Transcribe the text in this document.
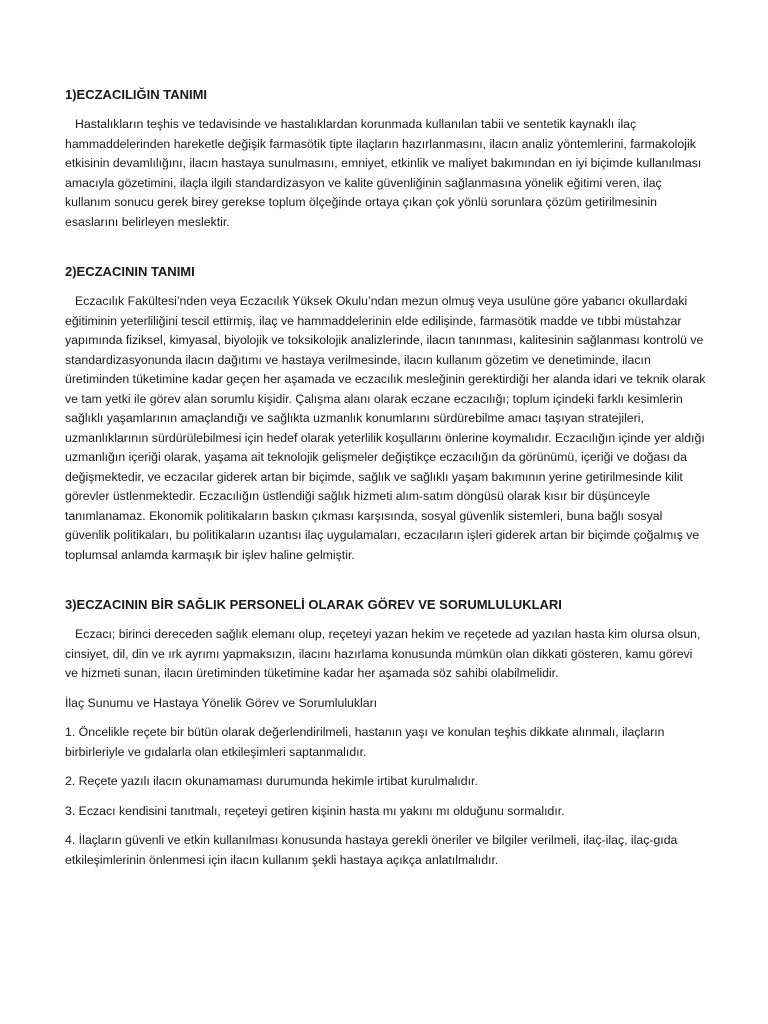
1)ECZACILIĞIN TANIMI

Hastalıkların teşhis ve tedavisinde ve hastalıklardan korunmada kullanılan tabii ve sentetik kaynaklı ilaç hammaddelerinden hareketle değişik farmasötik tipte ilaçların hazırlanmasını, ilacın analiz yöntemlerini, farmakolojik etkisinin devamlılığını, ilacın hastaya sunulmasını, emniyet, etkinlik ve maliyet bakımından en iyi biçimde kullanılması amacıyla gözetimini, ilaçla ilgili standardizasyon ve kalite güvenliğinin sağlanmasına yönelik eğitimi veren, ilaç kullanım sonucu gerek birey gerekse toplum ölçeğinde ortaya çıkan çok yönlü sorunlara çözüm getirilmesinin esaslarını belirleyen meslektir.

2)ECZACININ TANIMI

Eczacılık Fakültesi’nden veya Eczacılık Yüksek Okulu’ndan mezun olmuş veya usulüne göre yabancı okullardaki eğitiminin yeterliliğini tescil ettirmiş, ilaç ve hammaddelerinin elde edilişinde, farmasötik madde ve tıbbi müstahzar yapımında fiziksel, kimyasal, biyolojik ve toksikolojik analizlerinde, ilacın tanınması, kalitesinin sağlanması kontrolü ve standardizasyonunda ilacın dağıtımı ve hastaya verilmesinde, ilacın kullanım gözetim ve denetiminde, ilacın üretiminden tüketimine kadar geçen her aşamada ve eczacılık mesleğinin gerektirdiği her alanda idari ve teknik olarak ve tam yetki ile görev alan sorumlu kişidir. Çalışma alanı olarak eczane eczacılığı; toplum içindeki farklı kesimlerin sağlıklı yaşamlarının amaçlandığı ve sağlıkta uzmanlık konumlarını sürdürebilme amacı taşıyan stratejileri, uzmanlıklarının sürdürülebilmesi için hedef olarak yeterlilik koşullarını önlerine koymalıdır. Eczacılığın içinde yer aldığı uzmanlığın içeriği olarak, yaşama ait teknolojik gelişmeler değiştikçe eczacılığın da görünümü, içeriği ve doğası da değişmektedir, ve eczacılar giderek artan bir biçimde, sağlık ve sağlıklı yaşam bakımının yerine getirilmesinde kilit görevler üstlenmektedir. Eczacılığın üstlendiği sağlık hizmeti alım-satım döngüsü olarak kısır bir düşünceyle tanımlanamaz. Ekonomik politikaların baskın çıkması karşısında, sosyal güvenlik sistemleri, buna bağlı sosyal güvenlik politikaları, bu politikaların uzantısı ilaç uygulamaları, eczacıların işleri giderek artan bir biçimde çoğalmış ve toplumsal anlamda karmaşık bir işlev haline gelmiştir.

3)ECZACININ BİR SAĞLIK PERSONELİ OLARAK GÖREV VE SORUMLULUKLARI

Eczacı; birinci dereceden sağlık elemanı olup, reçeteyi yazan hekim ve reçetede ad yazılan hasta kim olursa olsun, cinsiyet, dil, din ve ırk ayrımı yapmaksızın, ilacını hazırlama konusunda mümkün olan dikkati gösteren, kamu görevi ve hizmeti sunan, ilacın üretiminden tüketimine kadar her aşamada söz sahibi olabilmelidir.

İlaç Sunumu ve Hastaya Yönelik Görev ve Sorumlulukları

1. Öncelikle reçete bir bütün olarak değerlendirilmeli, hastanın yaşı ve konulan teşhis dikkate alınmalı, ilaçların birbirleriyle ve gıdalarla olan etkileşimleri saptanmalıdır.

2. Reçete yazılı ilacın okunamaması durumunda hekimle irtibat kurulmalıdır.

3. Eczacı kendisini tanıtmalı, reçeteyi getiren kişinin hasta mı yakını mı olduğunu sormalıdır.

4. İlaçların güvenli ve etkin kullanılması konusunda hastaya gerekli öneriler ve bilgiler verilmeli, ilaç-ilaç, ilaç-gıda etkileşimlerinin önlenmesi için ilacın kullanım şekli hastaya açıkça anlatılmalıdır.
